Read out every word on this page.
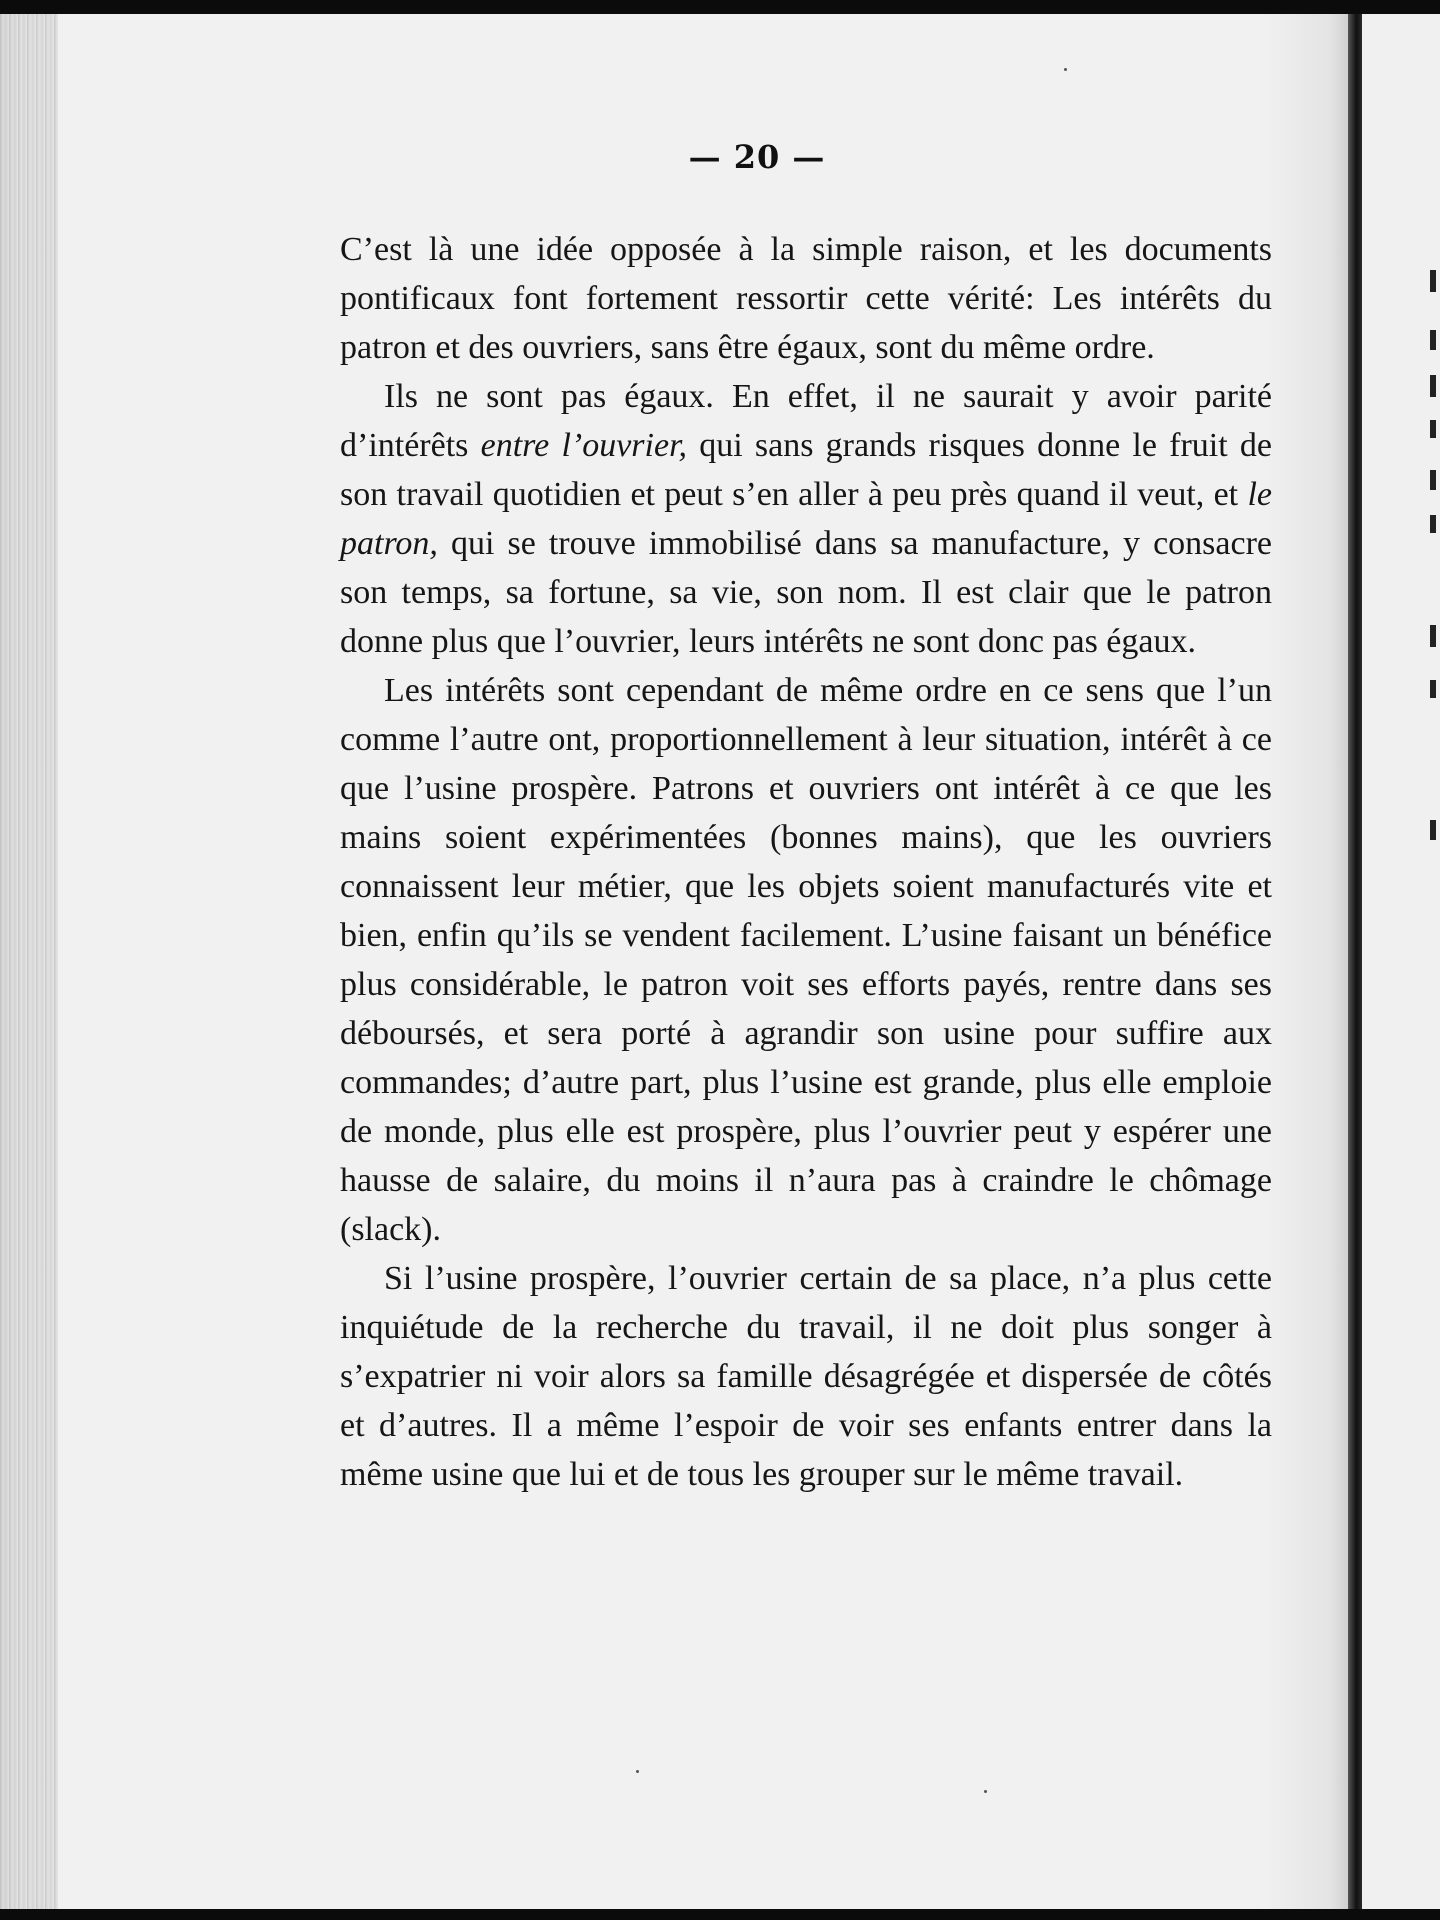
— 20 —

C’est là une idée opposée à la simple raison, et les documents pontificaux font fortement ressortir cette vérité: Les intérêts du patron et des ouvriers, sans être égaux, sont du même ordre.

Ils ne sont pas égaux. En effet, il ne saurait y avoir parité d’intérêts entre l’ouvrier, qui sans grands risques donne le fruit de son travail quotidien et peut s’en aller à peu près quand il veut, et le patron, qui se trouve immobilisé dans sa manufacture, y consacre son temps, sa fortune, sa vie, son nom. Il est clair que le patron donne plus que l’ouvrier, leurs intérêts ne sont donc pas égaux.

Les intérêts sont cependant de même ordre en ce sens que l’un comme l’autre ont, proportionnellement à leur situation, intérêt à ce que l’usine prospère. Patrons et ouvriers ont intérêt à ce que les mains soient expérimentées (bonnes mains), que les ouvriers connaissent leur métier, que les objets soient manufacturés vite et bien, enfin qu’ils se vendent facilement. L’usine faisant un bénéfice plus considérable, le patron voit ses efforts payés, rentre dans ses déboursés, et sera porté à agrandir son usine pour suffire aux commandes; d’autre part, plus l’usine est grande, plus elle emploie de monde, plus elle est prospère, plus l’ouvrier peut y espérer une hausse de salaire, du moins il n’aura pas à craindre le chômage (slack).

Si l’usine prospère, l’ouvrier certain de sa place, n’a plus cette inquiétude de la recherche du travail, il ne doit plus songer à s’expatrier ni voir alors sa famille désagrégée et dispersée de côtés et d’autres. Il a même l’espoir de voir ses enfants entrer dans la même usine que lui et de tous les grouper sur le même travail.
